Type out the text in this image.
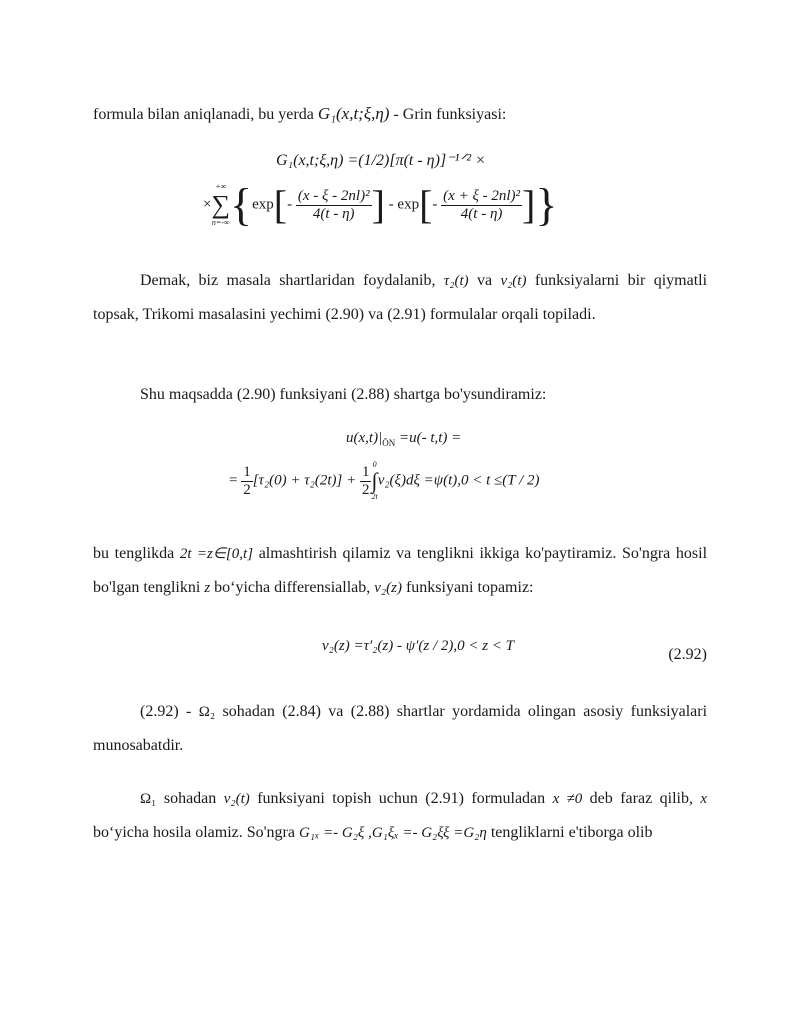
formula bilan aniqlanadi, bu yerda G₁(x,t;ξ,η) - Grin funksiyasi:
G₁(x,t;ξ,η) =(1/2)[π(t - η)]⁻¹ᐟ² ×
×
+∞
∑
n=-∞ {$\exp[- \frac{\text{(x - ξ - 2nl)²}}{4(t - \eta)}$ ] - $\exp[- \frac{\text{(x + ξ - 2nl)²}}{4(t - \eta)}$ ]}
Demak, biz masala shartlaridan foydalanib, τ₂(t) va ν₂(t) funksiyalarni bir qiymatli topsak, Trikomi masalasini yechimi (2.90) va (2.91) formulalar orqali topiladi.
Shu maqsadda (2.90) funksiyani (2.88) shartga bo'ysundiramiz:
$u(x,t)|_{ŌN} =u(-$ t,t) =
= $\frac{1}{2} [\tau_2(0) + \tau_2(2t)] + \frac{1}{2} 0$
∫
2t
ν₂(ξ)dξ =ψ(t),0 < t ≤(T / 2)
bu tenglikda 2t =z∈[0,t] almashtirish qilamiz va tenglikni ikkiga ko'paytiramiz. So'ngra hosil bo'lgan tenglikni z bo‘yicha differensiallab, ν₂(z) funksiyani topamiz:
ν₂(z) =τ′₂(z) - ψ′(z / 2),0 < z < T	(2.92)
(2.92) - Ω₂ sohadan (2.84) va (2.88) shartlar yordamida olingan asosiy funksiyalari munosabatdir.
Ω₁ sohadan ν₂(t) funksiyani topish uchun (2.91) formuladan x ≠0 deb faraz qilib, x bo‘yicha hosila olamiz. So'ngra G₁ₓ =- G₂ξ ,G₁ξₓ =- G₂ξξ =G₂η tengliklarni e'tiborga olib
